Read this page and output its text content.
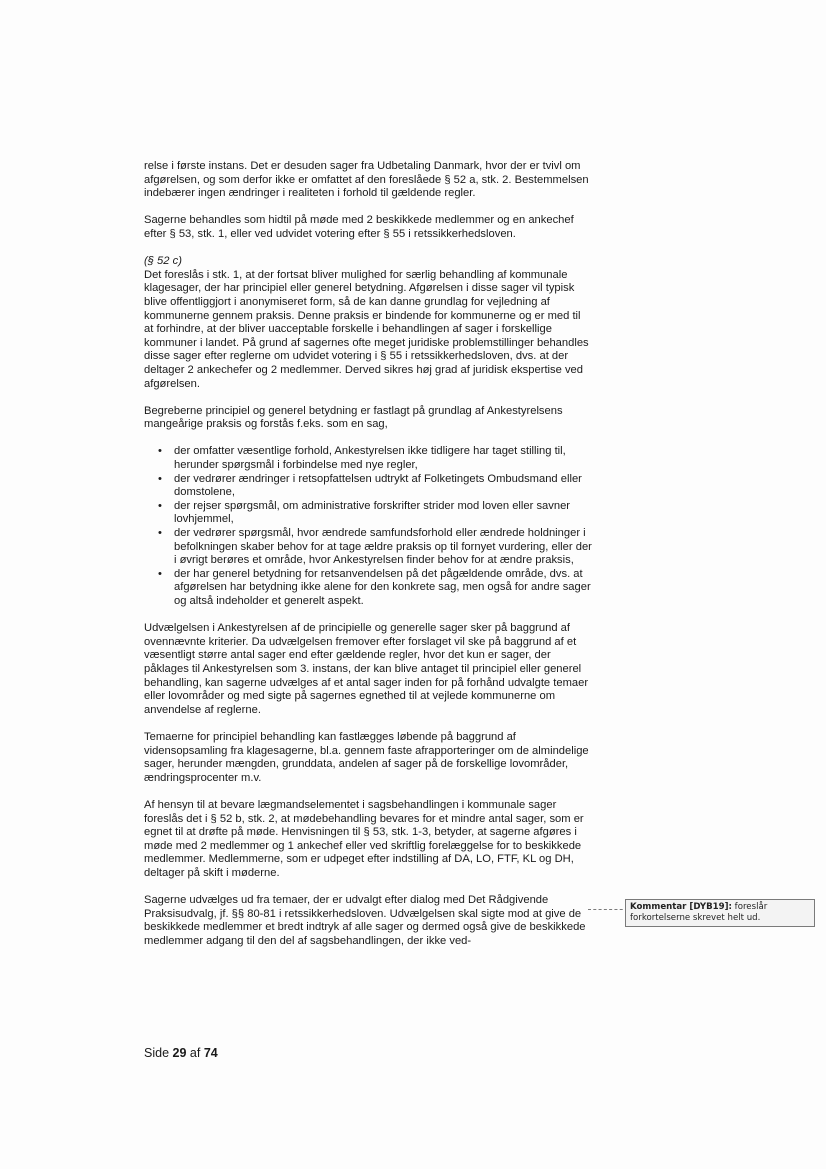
relse i første instans. Det er desuden sager fra Udbetaling Danmark, hvor der er tvivl om afgørelsen, og som derfor ikke er omfattet af den foreslåede § 52 a, stk. 2. Bestemmelsen indebærer ingen ændringer i realiteten i forhold til gældende regler.

Sagerne behandles som hidtil på møde med 2 beskikkede medlemmer og en ankechef efter § 53, stk. 1, eller ved udvidet votering efter § 55 i retssikkerhedsloven.

(§ 52 c)
Det foreslås i stk. 1, at der fortsat bliver mulighed for særlig behandling af kommunale klagesager, der har principiel eller generel betydning. Afgørelsen i disse sager vil typisk blive offentliggjort i anonymiseret form, så de kan danne grundlag for vejledning af kommunerne gennem praksis. Denne praksis er bindende for kommunerne og er med til at forhindre, at der bliver uacceptable forskelle i behandlingen af sager i forskellige kommuner i landet. På grund af sagernes ofte meget juridiske problemstillinger behandles disse sager efter reglerne om udvidet votering i § 55 i retssikkerhedsloven, dvs. at der deltager 2 ankechefer og 2 medlemmer. Derved sikres høj grad af juridisk ekspertise ved afgørelsen.

Begreberne principiel og generel betydning er fastlagt på grundlag af Ankestyrelsens mangeårige praksis og forstås f.eks. som en sag,

• der omfatter væsentlige forhold, Ankestyrelsen ikke tidligere har taget stilling til, herunder spørgsmål i forbindelse med nye regler,
• der vedrører ændringer i retsopfattelsen udtrykt af Folketingets Ombudsmand eller domstolene,
• der rejser spørgsmål, om administrative forskrifter strider mod loven eller savner lovhjemmel,
• der vedrører spørgsmål, hvor ændrede samfundsforhold eller ændrede holdninger i befolkningen skaber behov for at tage ældre praksis op til fornyet vurdering, eller der i øvrigt berøres et område, hvor Ankestyrelsen finder behov for at ændre praksis,
• der har generel betydning for retsanvendelsen på det pågældende område, dvs. at afgørelsen har betydning ikke alene for den konkrete sag, men også for andre sager og altså indeholder et generelt aspekt.

Udvælgelsen i Ankestyrelsen af de principielle og generelle sager sker på baggrund af ovennævnte kriterier. Da udvælgelsen fremover efter forslaget vil ske på baggrund af et væsentligt større antal sager end efter gældende regler, hvor det kun er sager, der påklages til Ankestyrelsen som 3. instans, der kan blive antaget til principiel eller generel behandling, kan sagerne udvælges af et antal sager inden for på forhånd udvalgte temaer eller lovområder og med sigte på sagernes egnethed til at vejlede kommunerne om anvendelse af reglerne.

Temaerne for principiel behandling kan fastlægges løbende på baggrund af vidensopsamling fra klagesagerne, bl.a. gennem faste afrapporteringer om de almindelige sager, herunder mængden, grunddata, andelen af sager på de forskellige lovområder, ændringsprocenter m.v.

Af hensyn til at bevare lægmandselementet i sagsbehandlingen i kommunale sager foreslås det i § 52 b, stk. 2, at mødebehandling bevares for et mindre antal sager, som er egnet til at drøfte på møde. Henvisningen til § 53, stk. 1-3, betyder, at sagerne afgøres i møde med 2 medlemmer og 1 ankechef eller ved skriftlig forelæggelse for to beskikkede medlemmer. Medlemmerne, som er udpeget efter indstilling af DA, LO, FTF, KL og DH, deltager på skift i møderne.

Sagerne udvælges ud fra temaer, der er udvalgt efter dialog med Det Rådgivende Praksisudvalg, jf. §§ 80-81 i retssikkerhedsloven. Udvælgelsen skal sigte mod at give de beskikkede medlemmer et bredt indtryk af alle sager og dermed også give de beskikkede medlemmer adgang til den del af sagsbehandlingen, der ikke ved-

Kommentar [DYB19]: foreslår forkortelserne skrevet helt ud.
Side 29 af 74
